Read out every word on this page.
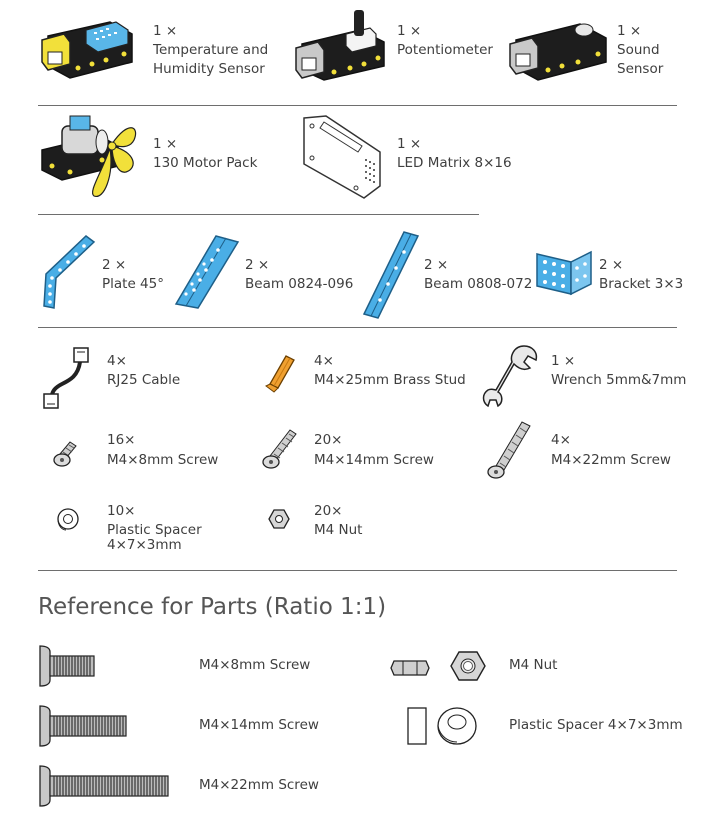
1 ×
Temperature and
Humidity Sensor
1 ×
Potentiometer
1 ×
Sound
Sensor
1 ×
130 Motor Pack
1 ×
LED Matrix 8×16
2 ×
Plate 45°
2 ×
Beam 0824-096
2 ×
Beam 0808-072
2 ×
Bracket 3×3
4×
RJ25 Cable
4×
M4×25mm Brass Stud
1 ×
Wrench 5mm&7mm
16×
M4×8mm Screw
20×
M4×14mm Screw
4×
M4×22mm Screw
10×
Plastic Spacer
4×7×3mm
20×
M4 Nut
Reference for Parts (Ratio 1:1)
M4×8mm Screw
M4×14mm Screw
M4×22mm Screw
M4 Nut
Plastic Spacer 4×7×3mm
